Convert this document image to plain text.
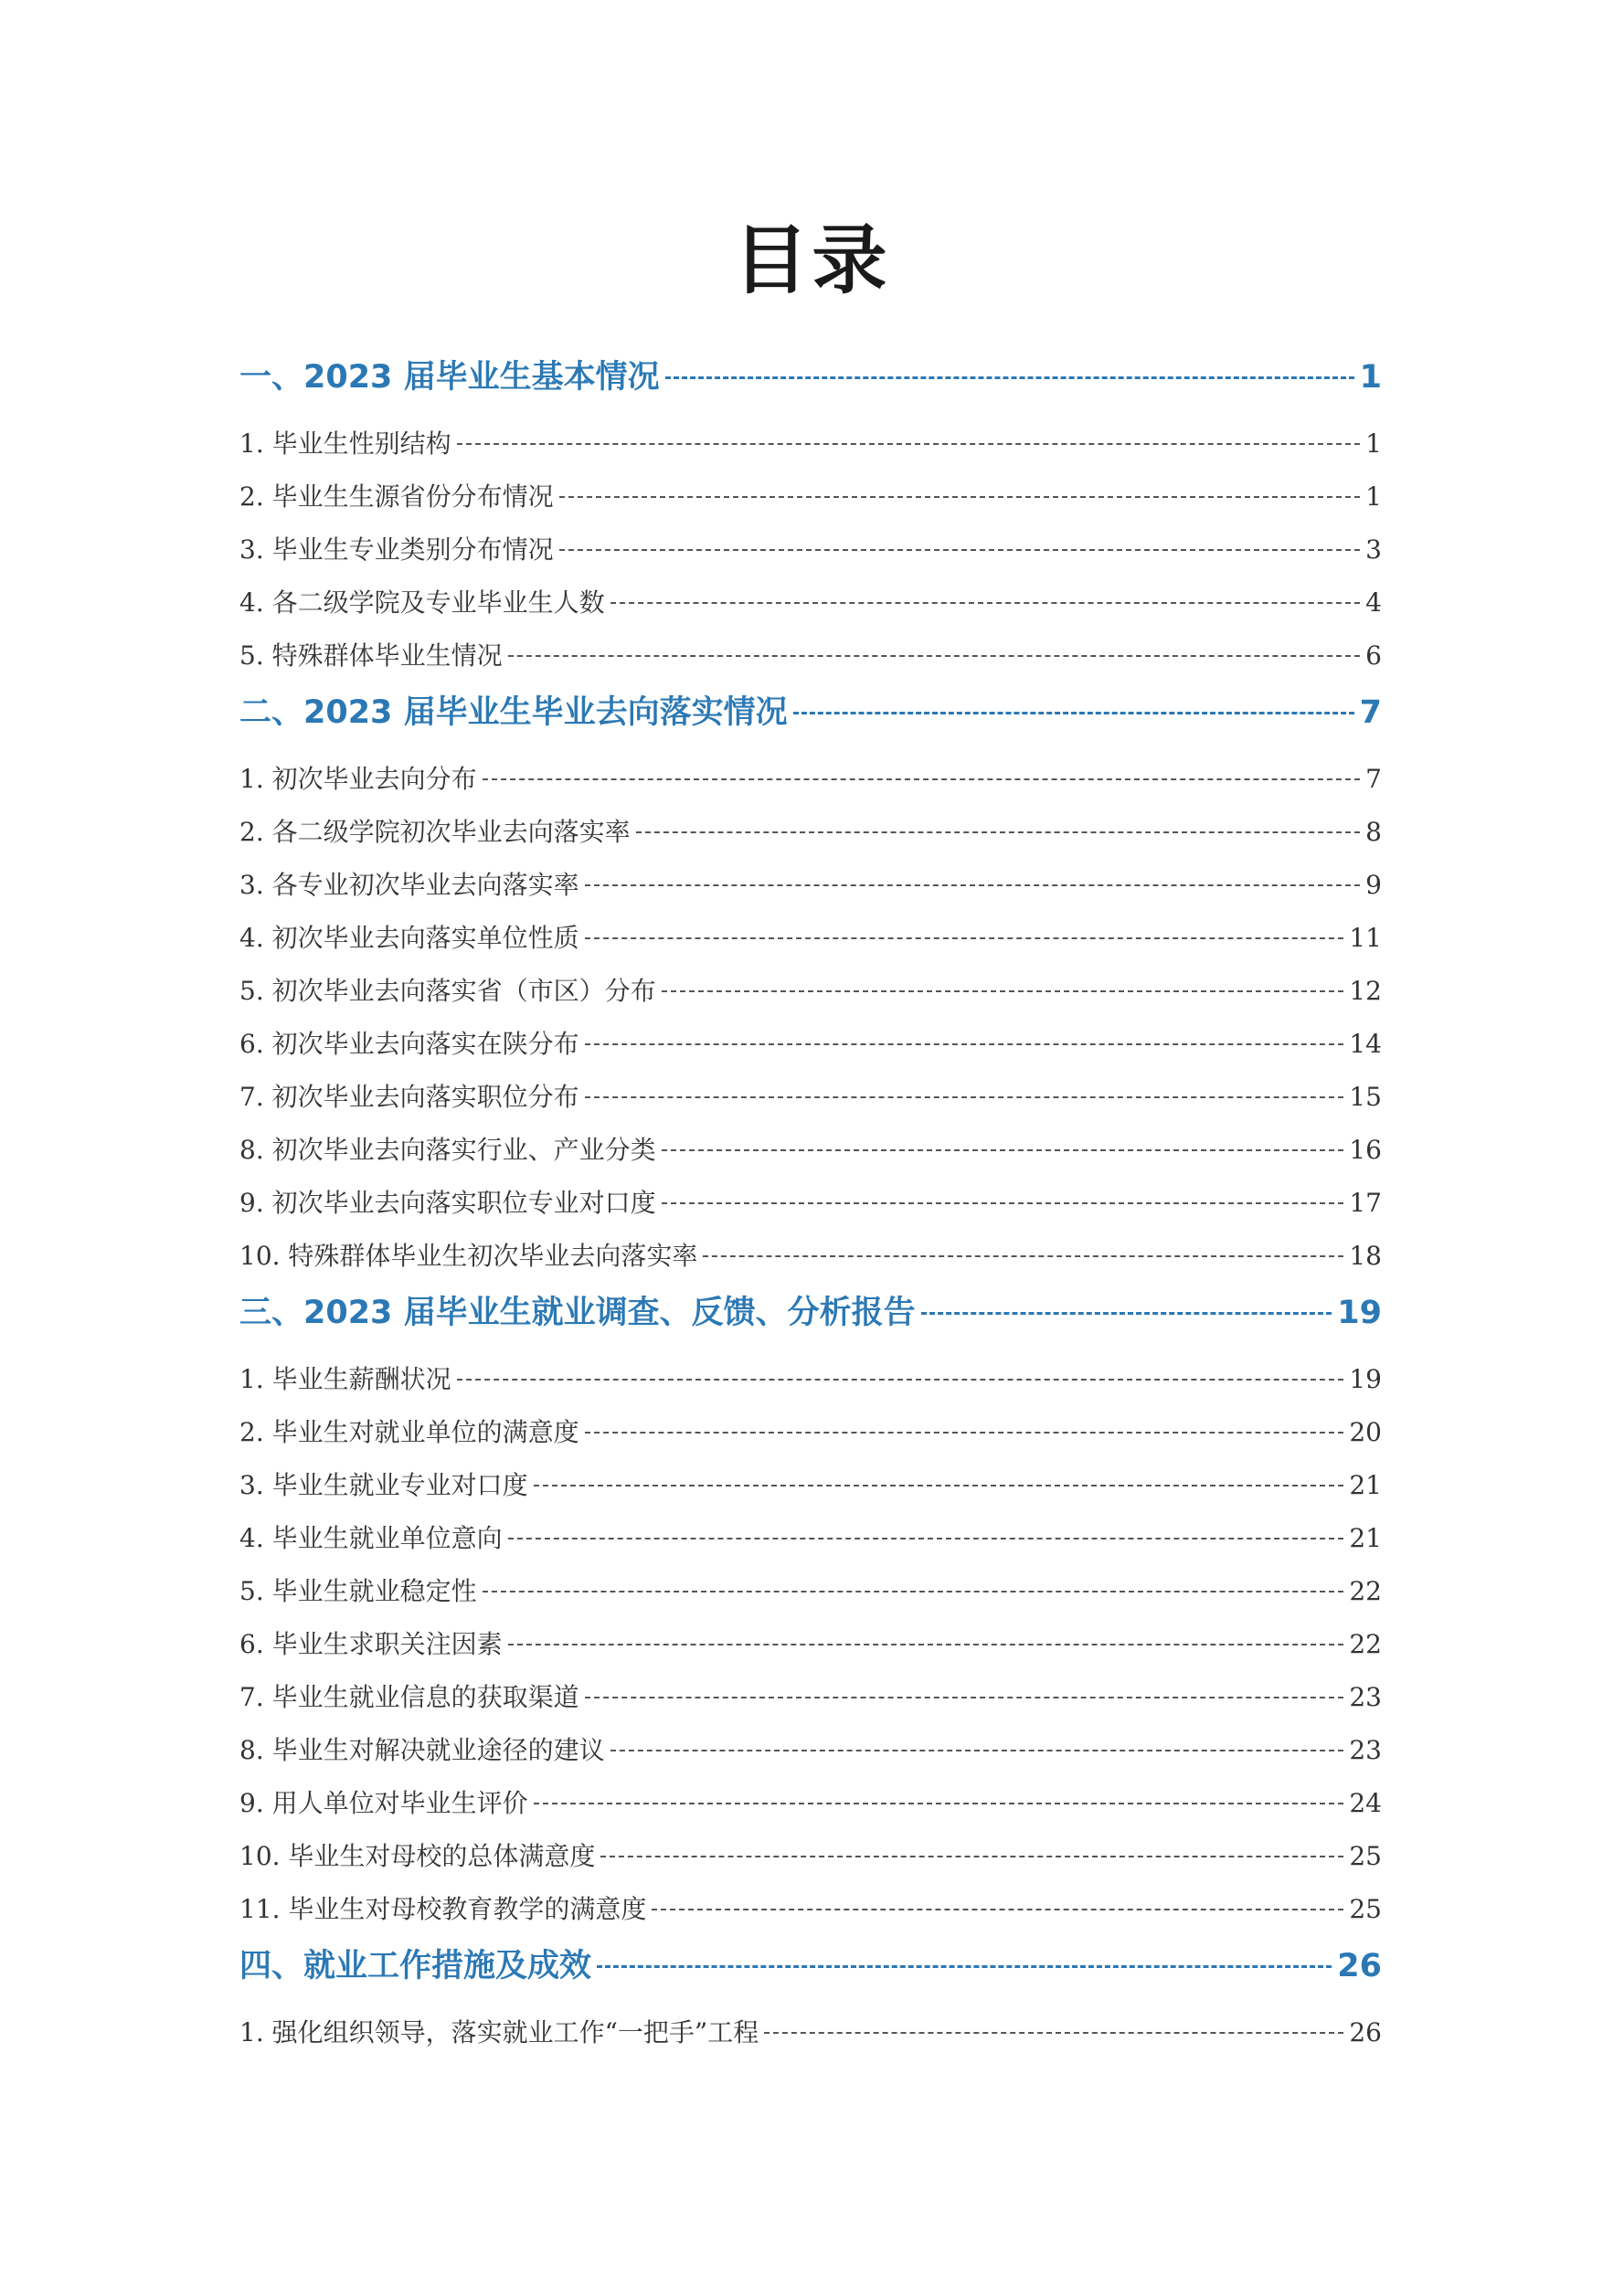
目录
一、2023 届毕业生基本情况	1
1. 毕业生性别结构	1
2. 毕业生生源省份分布情况	1
3. 毕业生专业类别分布情况	3
4. 各二级学院及专业毕业生人数	4
5. 特殊群体毕业生情况	6
二、2023 届毕业生毕业去向落实情况	7
1. 初次毕业去向分布	7
2. 各二级学院初次毕业去向落实率	8
3. 各专业初次毕业去向落实率	9
4. 初次毕业去向落实单位性质	11
5. 初次毕业去向落实省（市区）分布	12
6. 初次毕业去向落实在陕分布	14
7. 初次毕业去向落实职位分布	15
8. 初次毕业去向落实行业、产业分类	16
9. 初次毕业去向落实职位专业对口度	17
10. 特殊群体毕业生初次毕业去向落实率	18
三、2023 届毕业生就业调查、反馈、分析报告	19
1. 毕业生薪酬状况	19
2. 毕业生对就业单位的满意度	20
3. 毕业生就业专业对口度	21
4. 毕业生就业单位意向	21
5. 毕业生就业稳定性	22
6. 毕业生求职关注因素	22
7. 毕业生就业信息的获取渠道	23
8. 毕业生对解决就业途径的建议	23
9. 用人单位对毕业生评价	24
10. 毕业生对母校的总体满意度	25
11. 毕业生对母校教育教学的满意度	25
四、就业工作措施及成效	26
1. 强化组织领导，落实就业工作“一把手”工程	26
